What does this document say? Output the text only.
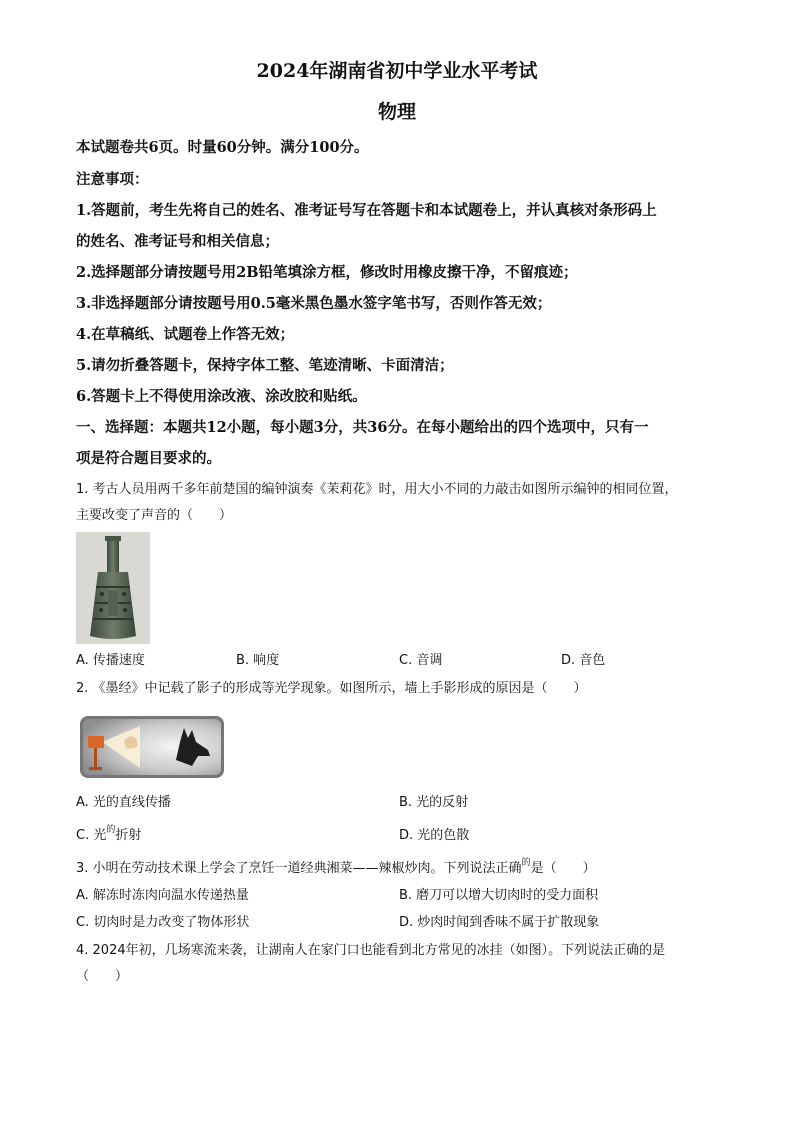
2024年湖南省初中学业水平考试
物理
本试题卷共6页。时量60分钟。满分100分。
注意事项：
1.答题前，考生先将自己的姓名、准考证号写在答题卡和本试题卷上，并认真核对条形码上
的姓名、准考证号和相关信息；
2.选择题部分请按题号用2B铅笔填涂方框，修改时用橡皮擦干净，不留痕迹；
3.非选择题部分请按题号用0.5毫米黑色墨水签字笔书写，否则作答无效；
4.在草稿纸、试题卷上作答无效；
5.请勿折叠答题卡，保持字体工整、笔迹清晰、卡面清洁；
6.答题卡上不得使用涂改液、涂改胶和贴纸。
一、选择题：本题共12小题，每小题3分，共36分。在每小题给出的四个选项中，只有一
项是符合题目要求的。
1. 考古人员用两千多年前楚国的编钟演奏《茉莉花》时，用大小不同的力敲击如图所示编钟的相同位置，
主要改变了声音的（　　）
A. 传播速度	B. 响度	C. 音调	D. 音色
2. 《墨经》中记载了影子的形成等光学现象。如图所示，墙上手影形成的原因是（　　）
A. 光的直线传播	B. 光的反射
C. 光$^的$折射	D. 光的色散
3. 小明在劳动技术课上学会了烹饪一道经典湘菜——辣椒炒肉。下列说法正确$^的$是（　　）
A. 解冻时冻肉向温水传递热量	B. 磨刀可以增大切肉时的受力面积
C. 切肉时是力改变了物体形状	D. 炒肉时闻到香味不属于扩散现象
4. 2024年初，几场寒流来袭，让湖南人在家门口也能看到北方常见的冰挂（如图）。下列说法正确的是
（　　）
